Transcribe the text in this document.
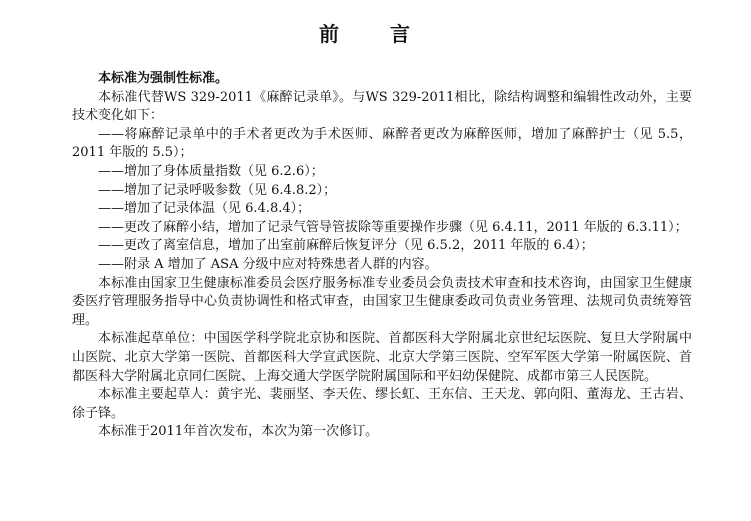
前 言

本标准为强制性标准。

本标准代替WS 329-2011《麻醉记录单》。与WS 329-2011相比，除结构调整和编辑性改动外，主要技术变化如下：

——将麻醉记录单中的手术者更改为手术医师、麻醉者更改为麻醉医师，增加了麻醉护士（见 5.5，2011 年版的 5.5）；

——增加了身体质量指数（见 6.2.6）；

——增加了记录呼吸参数（见 6.4.8.2）；

——增加了记录体温（见 6.4.8.4）；

——更改了麻醉小结，增加了记录气管导管拔除等重要操作步骤（见 6.4.11，2011 年版的 6.3.11）；

——更改了离室信息，增加了出室前麻醉后恢复评分（见 6.5.2，2011 年版的 6.4）；

——附录 A 增加了 ASA 分级中应对特殊患者人群的内容。

本标准由国家卫生健康标准委员会医疗服务标准专业委员会负责技术审查和技术咨询，由国家卫生健康委医疗管理服务指导中心负责协调性和格式审查，由国家卫生健康委政司负责业务管理、法规司负责统筹管理。

本标准起草单位：中国医学科学院北京协和医院、首都医科大学附属北京世纪坛医院、复旦大学附属中山医院、北京大学第一医院、首都医科大学宣武医院、北京大学第三医院、空军军医大学第一附属医院、首都医科大学附属北京同仁医院、上海交通大学医学院附属国际和平妇幼保健院、成都市第三人民医院。

本标准主要起草人：黄宇光、裴丽坚、李天佐、缪长虹、王东信、王天龙、郭向阳、董海龙、王古岩、徐子锋。

本标准于2011年首次发布，本次为第一次修订。
